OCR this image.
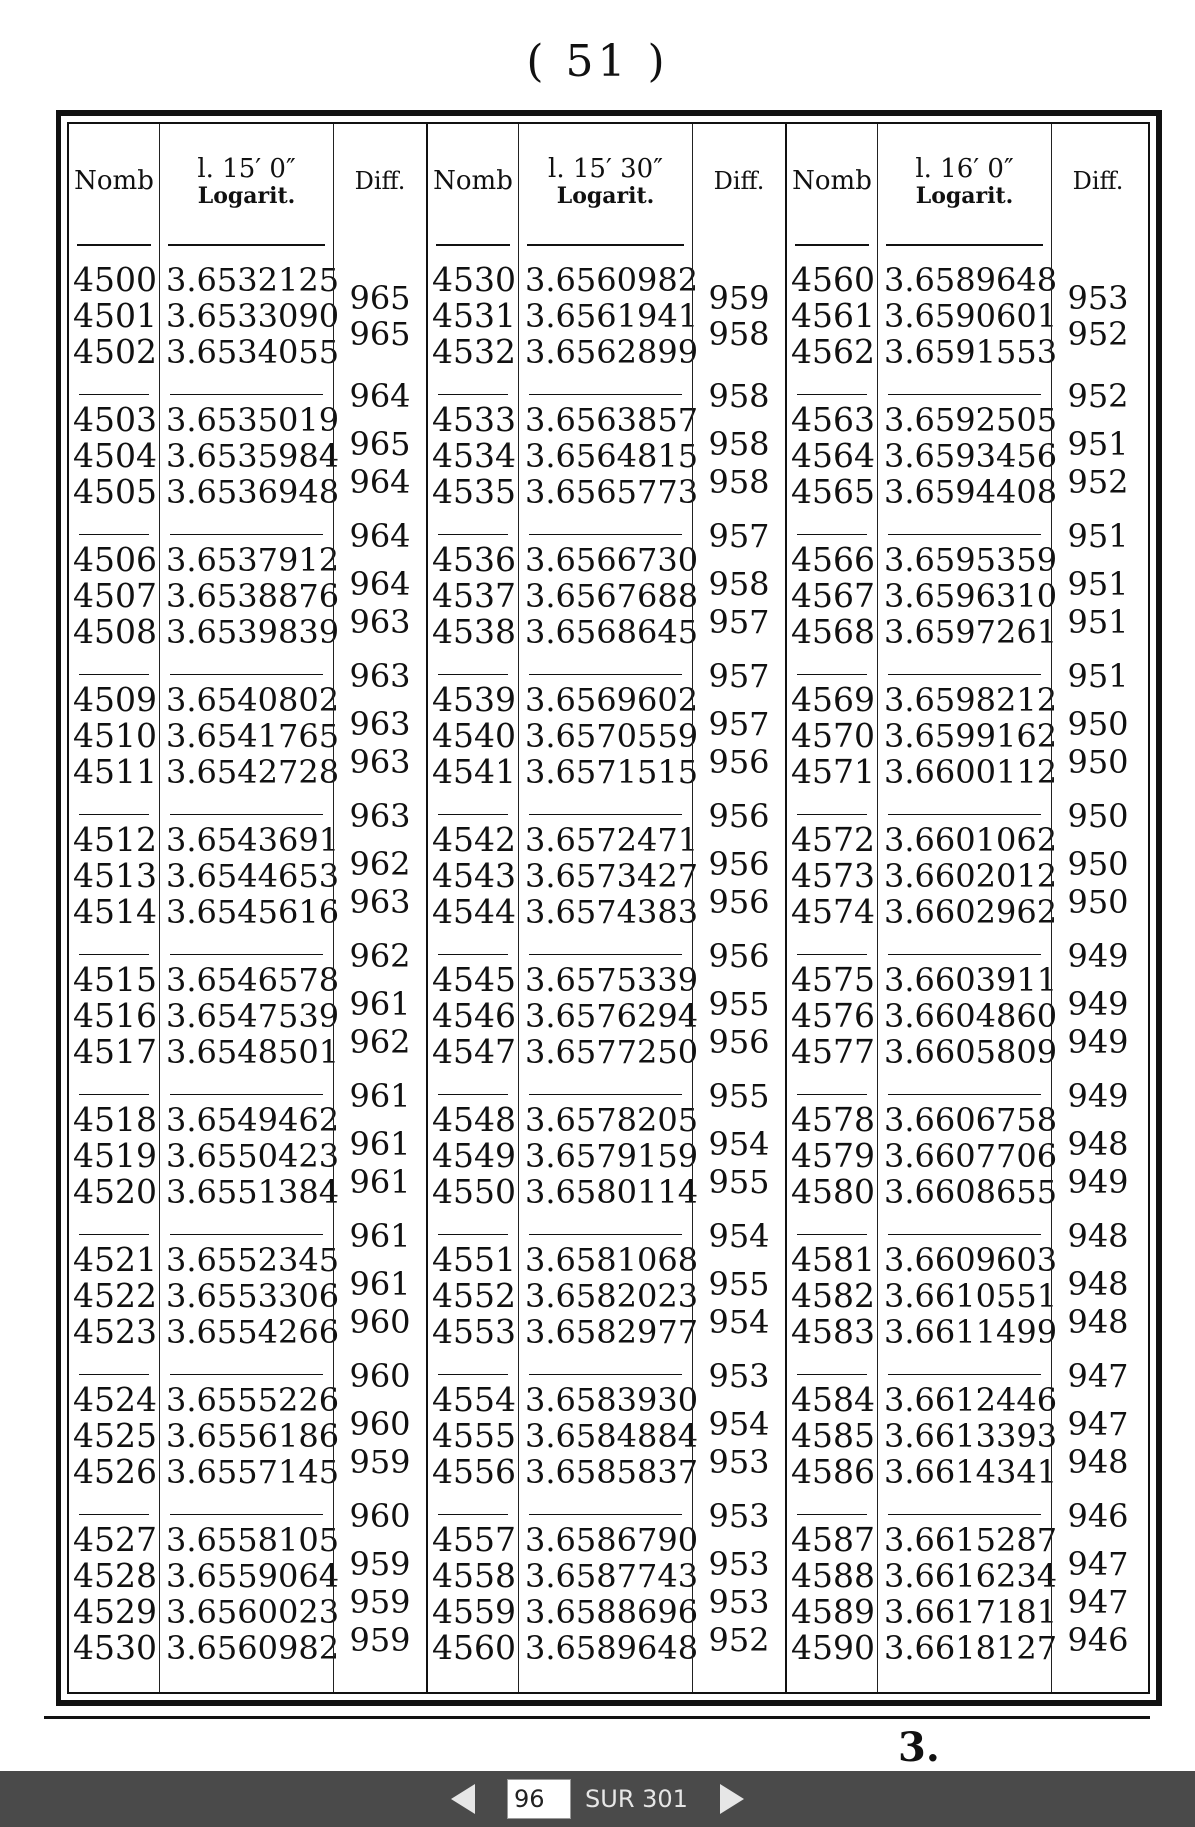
( 51 )
Nomb
4500
4501
4502
4503
4504
4505
4506
4507
4508
4509
4510
4511
4512
4513
4514
4515
4516
4517
4518
4519
4520
4521
4522
4523
4524
4525
4526
4527
4528
4529
4530
l. 15′ 0″
Logarit.
3.6532125
3.6533090
3.6534055
3.6535019
3.6535984
3.6536948
3.6537912
3.6538876
3.6539839
3.6540802
3.6541765
3.6542728
3.6543691
3.6544653
3.6545616
3.6546578
3.6547539
3.6548501
3.6549462
3.6550423
3.6551384
3.6552345
3.6553306
3.6554266
3.6555226
3.6556186
3.6557145
3.6558105
3.6559064
3.6560023
3.6560982
Diff.
965
965
964
965
964
964
964
963
963
963
963
963
962
963
962
961
962
961
961
961
961
961
960
960
960
959
960
959
959
959
Nomb
4530
4531
4532
4533
4534
4535
4536
4537
4538
4539
4540
4541
4542
4543
4544
4545
4546
4547
4548
4549
4550
4551
4552
4553
4554
4555
4556
4557
4558
4559
4560
l. 15′ 30″
Logarit.
3.6560982
3.6561941
3.6562899
3.6563857
3.6564815
3.6565773
3.6566730
3.6567688
3.6568645
3.6569602
3.6570559
3.6571515
3.6572471
3.6573427
3.6574383
3.6575339
3.6576294
3.6577250
3.6578205
3.6579159
3.6580114
3.6581068
3.6582023
3.6582977
3.6583930
3.6584884
3.6585837
3.6586790
3.6587743
3.6588696
3.6589648
Diff.
959
958
958
958
958
957
958
957
957
957
956
956
956
956
956
955
956
955
954
955
954
955
954
953
954
953
953
953
953
952
Nomb
4560
4561
4562
4563
4564
4565
4566
4567
4568
4569
4570
4571
4572
4573
4574
4575
4576
4577
4578
4579
4580
4581
4582
4583
4584
4585
4586
4587
4588
4589
4590
l. 16′ 0″
Logarit.
3.6589648
3.6590601
3.6591553
3.6592505
3.6593456
3.6594408
3.6595359
3.6596310
3.6597261
3.6598212
3.6599162
3.6600112
3.6601062
3.6602012
3.6602962
3.6603911
3.6604860
3.6605809
3.6606758
3.6607706
3.6608655
3.6609603
3.6610551
3.6611499
3.6612446
3.6613393
3.6614341
3.6615287
3.6616234
3.6617181
3.6618127
Diff.
953
952
952
951
952
951
951
951
951
950
950
950
950
950
949
949
949
949
948
949
948
948
948
947
947
948
946
947
947
946
3.
96
SUR 301
